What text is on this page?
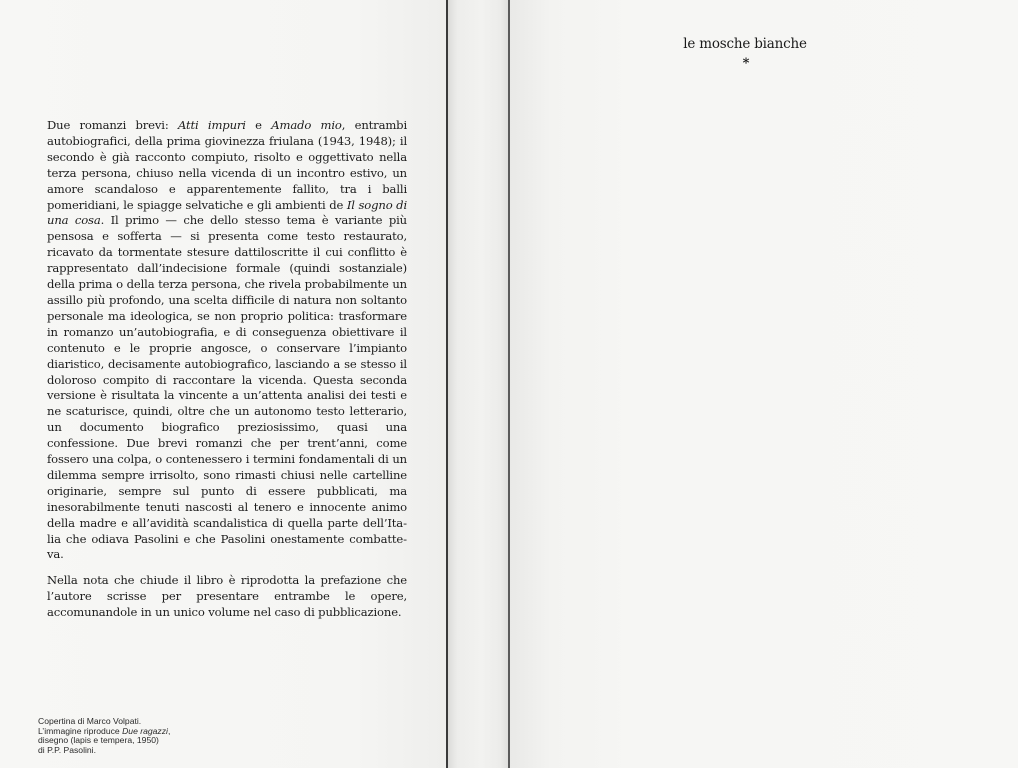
Due romanzi brevi: Atti impuri e Amado mio, entrambi autobiografici, della prima giovinezza friulana (1943, 1948); il secondo è già racconto compiuto, risolto e oggettivato nella terza persona, chiuso nella vicenda di un incontro estivo, un amore scandaloso e apparentemente fallito, tra i balli pomeridiani, le spiagge selvatiche e gli ambienti de Il sogno di una cosa. Il primo — che dello stesso tema è variante più pensosa e sofferta — si presenta come testo restaurato, ricavato da tormentate stesure dattiloscritte il cui conflitto è rappresentato dall’indecisione formale (quindi sostanziale) della prima o della terza persona, che rivela probabilmente un assillo più profondo, una scelta difficile di natura non soltanto personale ma ideologica, se non proprio politica: trasformare in romanzo un’autobiografia, e di conseguenza obiettivare il contenuto e le proprie angosce, o conservare l’impianto diaristico, decisamente autobiografico, lasciando a se stesso il doloroso compito di raccontare la vicenda. Questa seconda versione è risultata la vincente a un’attenta analisi dei testi e ne scaturisce, quindi, oltre che un autonomo testo letterario, un documento biografico preziosissimo, quasi una confessione. Due brevi romanzi che per trent’anni, come fossero una colpa, o contenessero i termini fondamentali di un dilemma sempre irrisolto, sono rimasti chiusi nelle cartelline originarie, sempre sul punto di essere pubblicati, ma inesorabilmente tenuti nascosti al tenero e innocente animo della madre e all’avidità scandalistica di quella parte dell’Italia che odiava Pasolini e che Pasolini onestamente combatteva.

Nella nota che chiude il libro è riprodotta la prefazione che l’autore scrisse per presentare entrambe le opere, accomunandole in un unico volume nel caso di pubblicazione.

Copertina di Marco Volpati.
L’immagine riproduce Due ragazzi,
disegno (lapis e tempera, 1950)
di P.P. Pasolini.

le mosche bianche
*
